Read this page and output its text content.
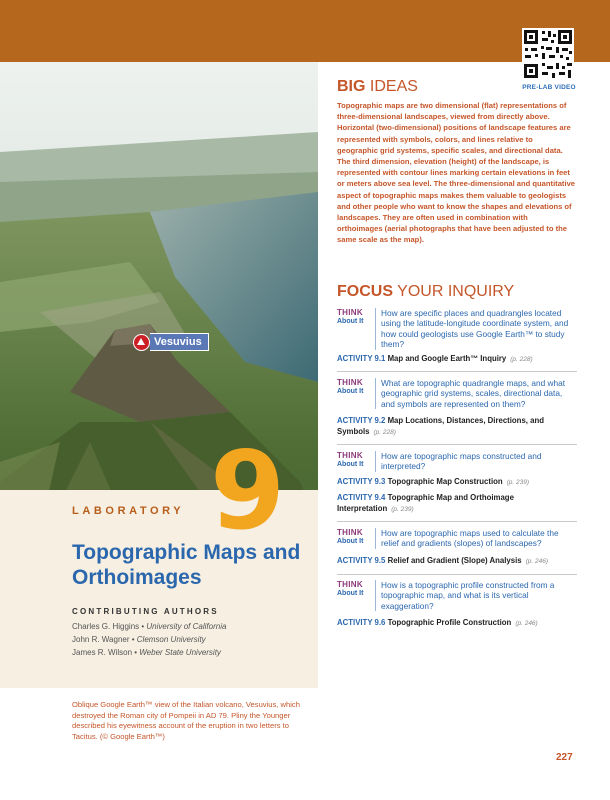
PRE-LAB VIDEO
Vesuvius
9
LABORATORY
Topographic Maps and Orthoimages
CONTRIBUTING AUTHORS
Charles G. Higgins • University of California
John R. Wagner • Clemson University
James R. Wilson • Weber State University
Oblique Google Earth™ view of the Italian volcano, Vesuvius, which destroyed the Roman city of Pompeii in AD 79. Pliny the Younger described his eyewitness account of the eruption in two letters to Tacitus. (© Google Earth™)
BIG IDEAS
Topographic maps are two dimensional (flat) representations of three-dimensional landscapes, viewed from directly above. Horizontal (two-dimensional) positions of landscape features are represented with symbols, colors, and lines relative to geographic grid systems, specific scales, and directional data. The third dimension, elevation (height) of the landscape, is represented with contour lines marking certain elevations in feet or meters above sea level. The three-dimensional and quantitative aspect of topographic maps makes them valuable to geologists and other people who want to know the shapes and elevations of landscapes. They are often used in combination with orthoimages (aerial photographs that have been adjusted to the same scale as the map).
FOCUS YOUR INQUIRY
THINK
About It
How are specific places and quadrangles located using the latitude-longitude coordinate system, and how could geologists use Google Earth™ to study them?
ACTIVITY 9.1 Map and Google Earth™ Inquiry (p. 228)
THINK
About It
What are topographic quadrangle maps, and what geographic grid systems, scales, directional data, and symbols are represented on them?
ACTIVITY 9.2 Map Locations, Distances, Directions, and Symbols (p. 228)
THINK
About It
How are topographic maps constructed and interpreted?
ACTIVITY 9.3 Topographic Map Construction (p. 239)
ACTIVITY 9.4 Topographic Map and Orthoimage Interpretation (p. 239)
THINK
About It
How are topographic maps used to calculate the relief and gradients (slopes) of landscapes?
ACTIVITY 9.5 Relief and Gradient (Slope) Analysis (p. 246)
THINK
About It
How is a topographic profile constructed from a topographic map, and what is its vertical exaggeration?
ACTIVITY 9.6 Topographic Profile Construction (p. 246)
227
